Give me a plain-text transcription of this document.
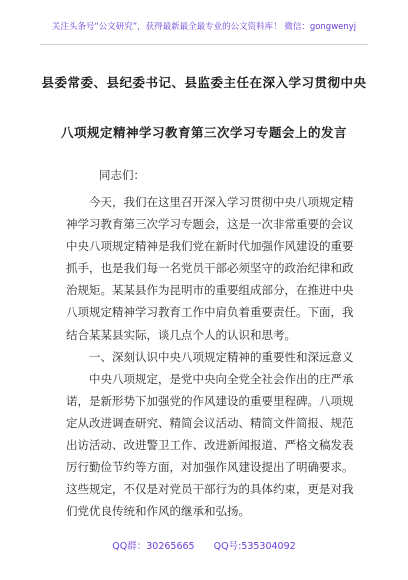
关注头条号“公文研究”，获得最新最全最专业的公文资料库！ 微信：gongwenyj
县委常委、县纪委书记、县监委主任在深入学习贯彻中央
八项规定精神学习教育第三次学习专题会上的发言
同志们：
今天，我们在这里召开深入学习贯彻中央八项规定精
神学习教育第三次学习专题会，这是一次非常重要的会议
中央八项规定精神是我们党在新时代加强作风建设的重要
抓手，也是我们每一名党员干部必须坚守的政治纪律和政
治规矩。某某县作为昆明市的重要组成部分，在推进中央
八项规定精神学习教育工作中肩负着重要责任。下面，我
结合某某县实际，谈几点个人的认识和思考。
一、深刻认识中央八项规定精神的重要性和深远意义
中央八项规定，是党中央向全党全社会作出的庄严承
诺，是新形势下加强党的作风建设的重要里程碑。八项规
定从改进调查研究、精简会议活动、精简文件简报、规范
出访活动、改进警卫工作、改进新闻报道、严格文稿发表
厉行勤俭节约等方面，对加强作风建设提出了明确要求。
这些规定，不仅是对党员干部行为的具体约束，更是对我
们党优良传统和作风的继承和弘扬。
QQ群：30265665 QQ号:535304092
